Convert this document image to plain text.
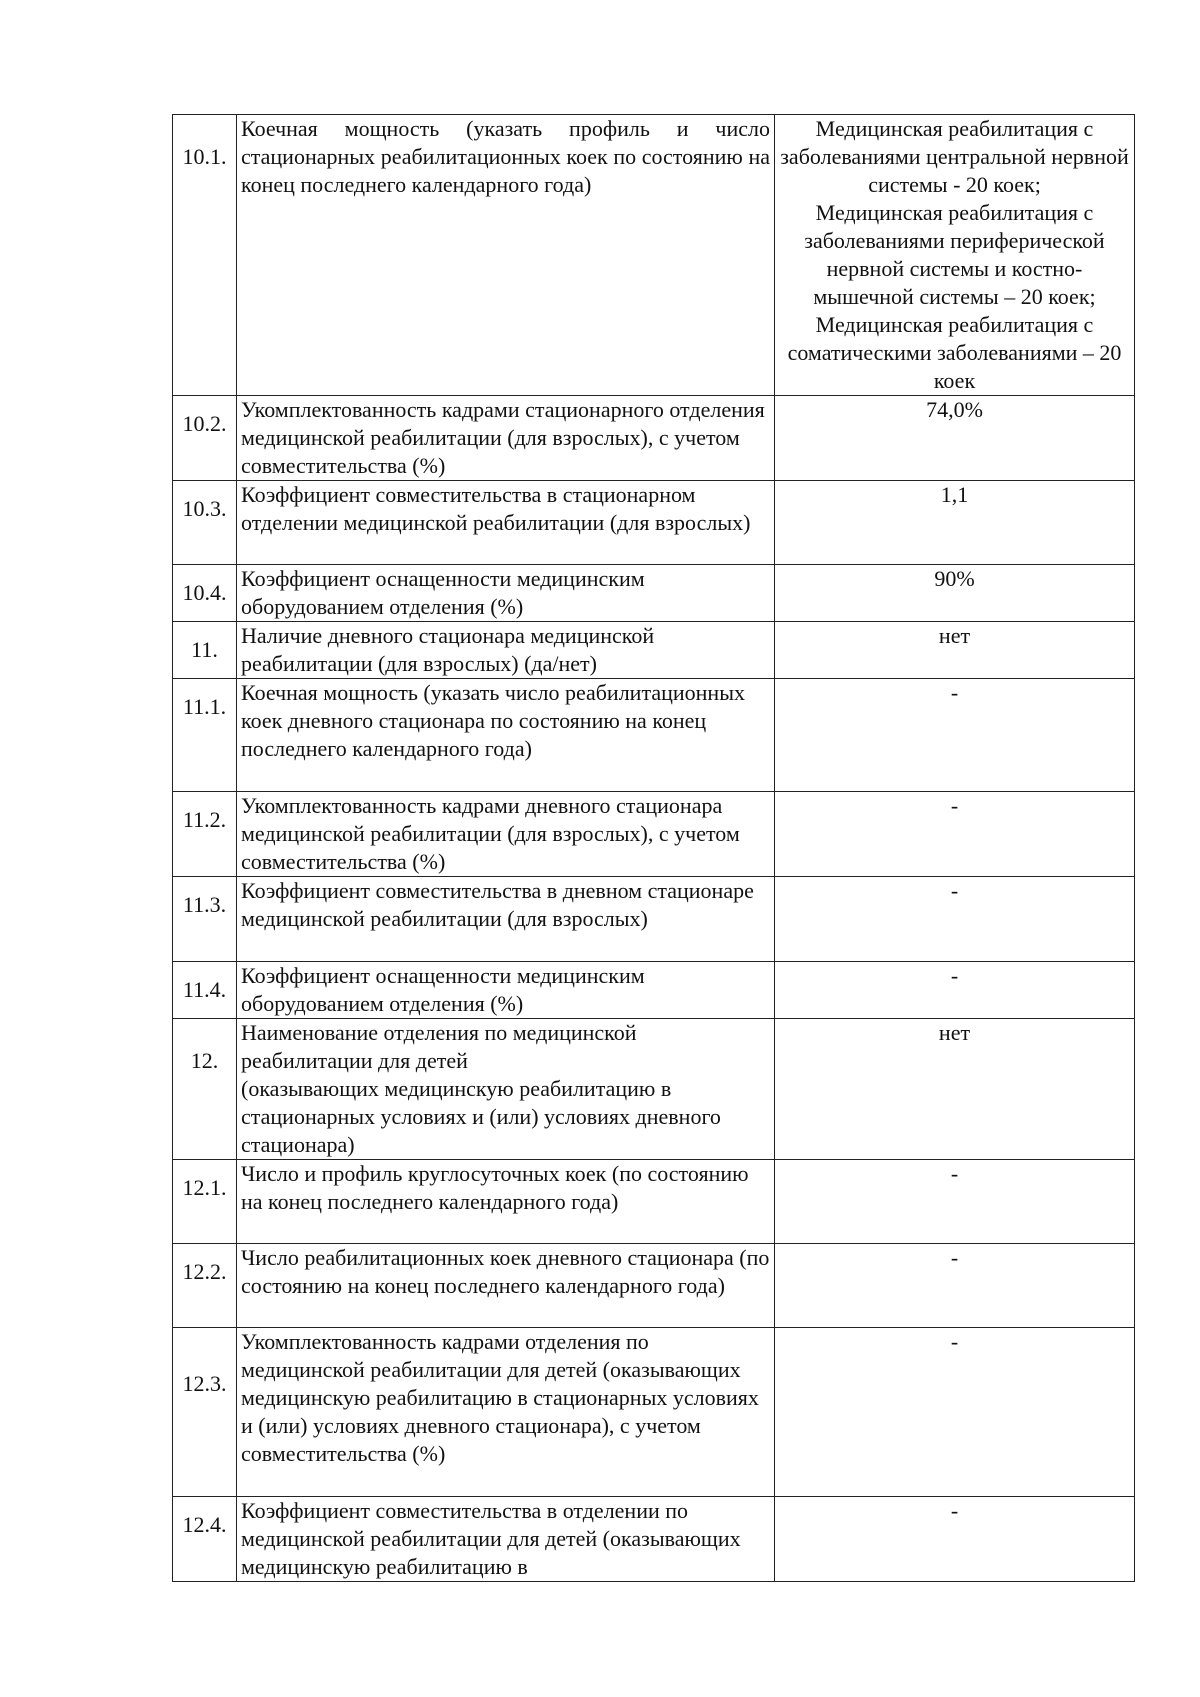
10.1.	Коечная мощность (указать профиль и число стационарных реабилитационных коек по состоянию на конец последнего календарного года)	Медицинская реабилитация с заболеваниями центральной нервной системы - 20 коек;
Медицинская реабилитация с заболеваниями периферической нервной системы и костно-мышечной системы – 20 коек;
Медицинская реабилитация с соматическими заболеваниями – 20 коек
10.2.	Укомплектованность кадрами стационарного отделения медицинской реабилитации (для взрослых), с учетом совместительства (%)	74,0%
10.3.	Коэффициент совместительства в стационарном отделении медицинской реабилитации (для взрослых)	1,1
10.4.	Коэффициент оснащенности медицинским оборудованием отделения (%)	90%
11.	Наличие дневного стационара медицинской реабилитации (для взрослых) (да/нет)	нет
11.1.	Коечная мощность (указать число реабилитационных коек дневного стационара по состоянию на конец последнего календарного года)	-
11.2.	Укомплектованность кадрами дневного стационара медицинской реабилитации (для взрослых), с учетом совместительства (%)	-
11.3.	Коэффициент совместительства в дневном стационаре медицинской реабилитации (для взрослых)	-
11.4.	Коэффициент оснащенности медицинским оборудованием отделения (%)	-
12.	Наименование отделения по медицинской реабилитации для детей
(оказывающих медицинскую реабилитацию в стационарных условиях и (или) условиях дневного стационара)	нет
12.1.	Число и профиль круглосуточных коек (по состоянию на конец последнего календарного года)	-
12.2.	Число реабилитационных коек дневного стационара (по состоянию на конец последнего календарного года)	-
12.3.	Укомплектованность кадрами отделения по медицинской реабилитации для детей (оказывающих медицинскую реабилитацию в стационарных условиях и (или) условиях дневного стационара), с учетом совместительства (%)	-
12.4.	Коэффициент совместительства в отделении по медицинской реабилитации для детей (оказывающих медицинскую реабилитацию в	-
